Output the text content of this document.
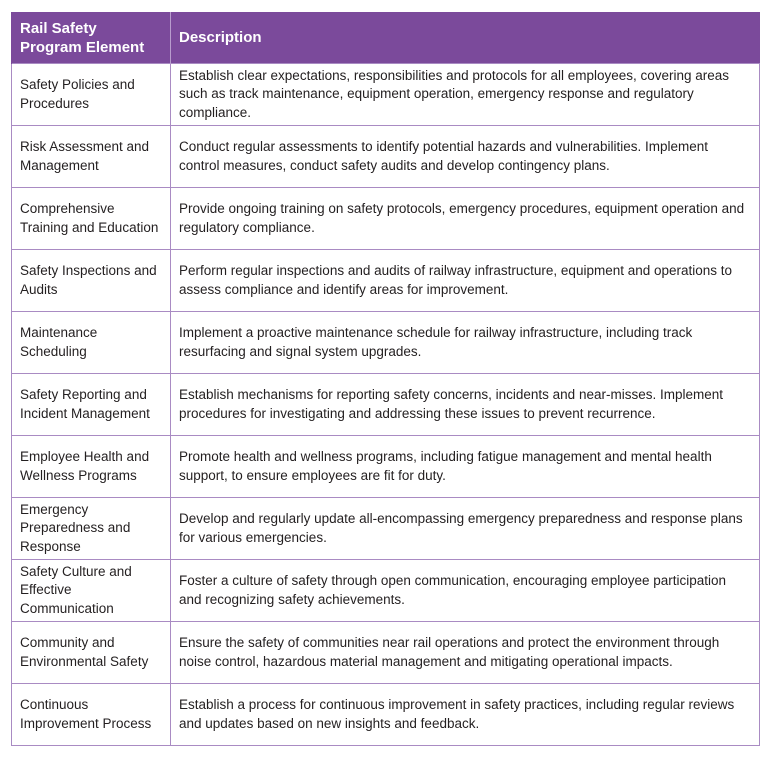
Rail Safety Program Element	Description
Safety Policies and Procedures	Establish clear expectations, responsibilities and protocols for all employees, covering areas such as track maintenance, equipment operation, emergency response and regulatory compliance.
Risk Assessment and Management	Conduct regular assessments to identify potential hazards and vulnerabilities. Implement control measures, conduct safety audits and develop contingency plans.
Comprehensive Training and Education	Provide ongoing training on safety protocols, emergency procedures, equipment operation and regulatory compliance.
Safety Inspections and Audits	Perform regular inspections and audits of railway infrastructure, equipment and operations to assess compliance and identify areas for improvement.
Maintenance Scheduling	Implement a proactive maintenance schedule for railway infrastructure, including track resurfacing and signal system upgrades.
Safety Reporting and Incident Management	Establish mechanisms for reporting safety concerns, incidents and near-misses. Implement procedures for investigating and addressing these issues to prevent recurrence.
Employee Health and Wellness Programs	Promote health and wellness programs, including fatigue management and mental health support, to ensure employees are fit for duty.
Emergency Preparedness and Response	Develop and regularly update all-encompassing emergency preparedness and response plans for various emergencies.
Safety Culture and Effective Communication	Foster a culture of safety through open communication, encouraging employee participation and recognizing safety achievements.
Community and Environmental Safety	Ensure the safety of communities near rail operations and protect the environment through noise control, hazardous material management and mitigating operational impacts.
Continuous Improvement Process	Establish a process for continuous improvement in safety practices, including regular reviews and updates based on new insights and feedback.
